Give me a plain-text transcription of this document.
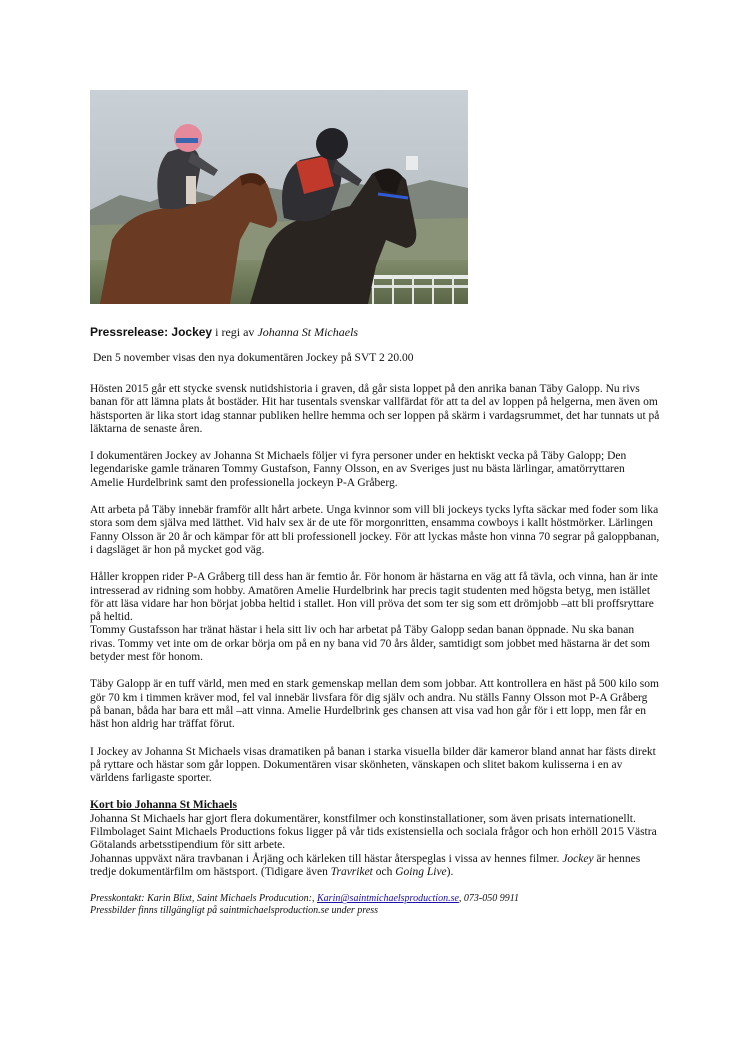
Pressrelease: Jockey i regi av Johanna St Michaels
Den 5 november visas den nya dokumentären Jockey på SVT 2 20.00

Hösten 2015 går ett stycke svensk nutidshistoria i graven, då går sista loppet på den anrika banan Täby Galopp. Nu rivs banan för att lämna plats åt bostäder. Hit har tusentals svenskar vallfärdat för att ta del av loppen på helgerna, men även om hästsporten är lika stort idag stannar publiken hellre hemma och ser loppen på skärm i vardagsrummet, det har tunnats ut på läktarna de senaste åren.

I dokumentären Jockey av Johanna St Michaels följer vi fyra personer under en hektiskt vecka på Täby Galopp; Den legendariske gamle tränaren Tommy Gustafson, Fanny Olsson, en av Sveriges just nu bästa lärlingar, amatörryttaren Amelie Hurdelbrink samt den professionella jockeyn P-A Gråberg.

Att arbeta på Täby innebär framför allt hårt arbete. Unga kvinnor som vill bli jockeys tycks lyfta säckar med foder som lika stora som dem själva med lätthet. Vid halv sex är de ute för morgonritten, ensamma cowboys i kallt höstmörker. Lärlingen Fanny Olsson är 20 år och kämpar för att bli professionell jockey. För att lyckas måste hon vinna 70 segrar på galoppbanan, i dagsläget är hon på mycket god väg.

Håller kroppen rider P-A Gråberg till dess han är femtio år. För honom är hästarna en väg att få tävla, och vinna, han är inte intresserad av ridning som hobby. Amatören Amelie Hurdelbrink har precis tagit studenten med högsta betyg, men istället för att läsa vidare har hon börjat jobba heltid i stallet. Hon vill pröva det som ter sig som ett drömjobb –att bli proffsryttare på heltid.

Tommy Gustafsson har tränat hästar i hela sitt liv och har arbetat på Täby Galopp sedan banan öppnade. Nu ska banan rivas. Tommy vet inte om de orkar börja om på en ny bana vid 70 års ålder, samtidigt som jobbet med hästarna är det som betyder mest för honom.

Täby Galopp är en tuff värld, men med en stark gemenskap mellan dem som jobbar. Att kontrollera en häst på 500 kilo som gör 70 km i timmen kräver mod, fel val innebär livsfara för dig själv och andra. Nu ställs Fanny Olsson mot P-A Gråberg på banan, båda har bara ett mål –att vinna. Amelie Hurdelbrink ges chansen att visa vad hon går för i ett lopp, men får en häst hon aldrig har träffat förut.

I Jockey av Johanna St Michaels visas dramatiken på banan i starka visuella bilder där kameror bland annat har fästs direkt på ryttare och hästar som går loppen. Dokumentären visar skönheten, vänskapen och slitet bakom kulisserna i en av världens farligaste sporter.

Kort bio Johanna St Michaels

Johanna St Michaels har gjort flera dokumentärer, konstfilmer och konstinstallationer, som även prisats internationellt. Filmbolaget Saint Michaels Productions fokus ligger på vår tids existensiella och sociala frågor och hon erhöll 2015 Västra Götalands arbetsstipendium för sitt arbete.

Johannas uppväxt nära travbanan i Årjäng och kärleken till hästar återspeglas i vissa av hennes filmer. Jockey är hennes tredje dokumentärfilm om hästsport. (Tidigare även Travriket och Going Live).

Presskontakt: Karin Blixt, Saint Michaels Producution:, Karin@saintmichaelsproduction.se, 073-050 9911
Pressbilder finns tillgängligt på saintmichaelsproduction.se under press
